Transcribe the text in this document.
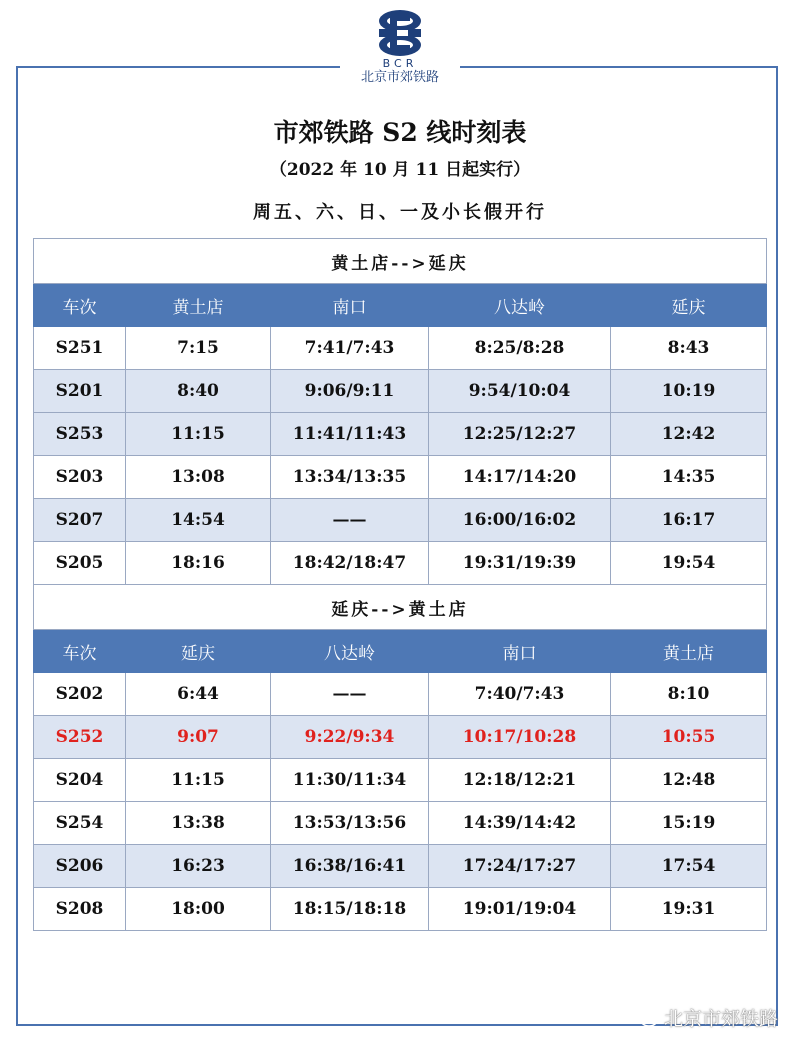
BCR
北京市郊铁路
市郊铁路 S2 线时刻表
（2022 年 10 月 11 日起实行）
周五、六、日、一及小长假开行
黄土店-->延庆				
车次	黄土店	南口	八达岭	延庆
S251	7:15	7:41/7:43	8:25/8:28	8:43
S201	8:40	9:06/9:11	9:54/10:04	10:19
S253	11:15	11:41/11:43	12:25/12:27	12:42
S203	13:08	13:34/13:35	14:17/14:20	14:35
S207	14:54	——	16:00/16:02	16:17
S205	18:16	18:42/18:47	19:31/19:39	19:54
延庆-->黄土店				
车次	延庆	八达岭	南口	黄土店
S202	6:44	——	7:40/7:43	8:10
S252	9:07	9:22/9:34	10:17/10:28	10:55
S204	11:15	11:30/11:34	12:18/12:21	12:48
S254	13:38	13:53/13:56	14:39/14:42	15:19
S206	16:23	16:38/16:41	17:24/17:27	17:54
S208	18:00	18:15/18:18	19:01/19:04	19:31
北京市郊铁路
